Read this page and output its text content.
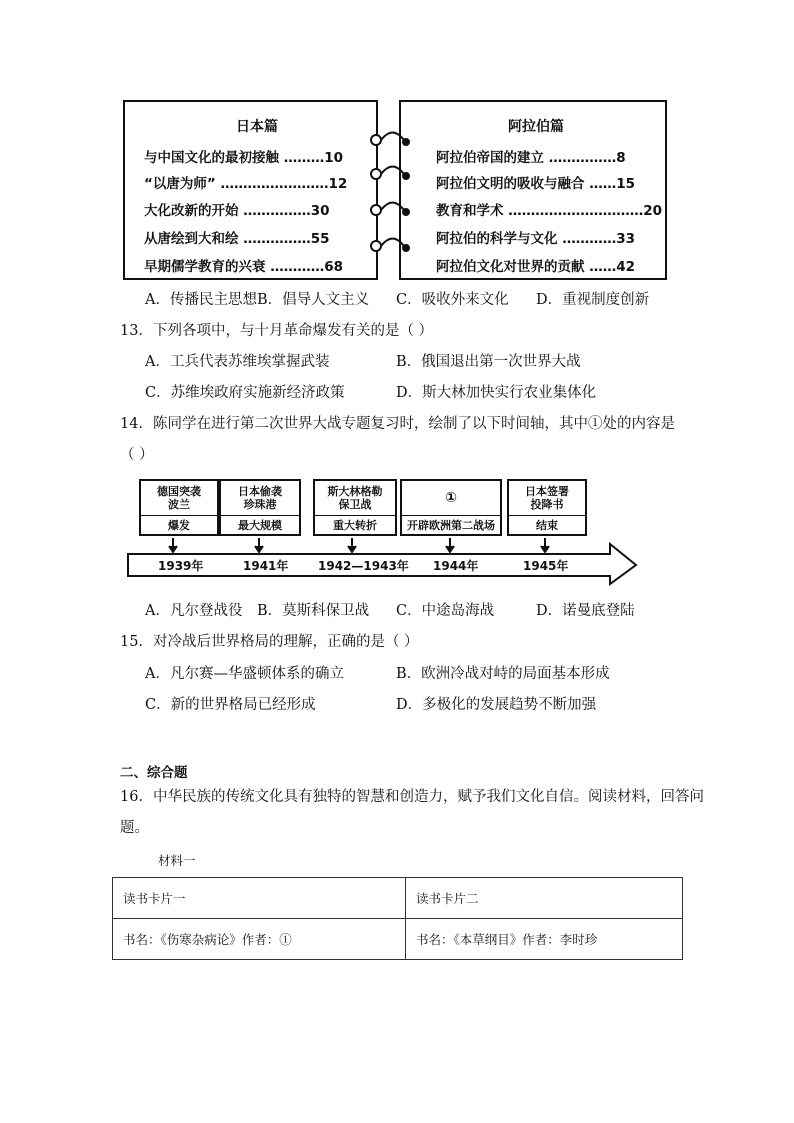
日本篇	阿拉伯篇
与中国文化的最初接触 ………10
“以唐为师” ……………………12
大化改新的开始 ……………30
从唐绘到大和绘 ……………55
早期儒学教育的兴衰 …………68
阿拉伯帝国的建立 ……………8
阿拉伯文明的吸收与融合 ……15
教育和学术 …………………………20
阿拉伯的科学与文化 …………33
阿拉伯文化对世界的贡献 ……42
A．传播民主思想 B．倡导人文主义 C．吸收外来文化 D．重视制度创新
13．下列各项中，与十月革命爆发有关的是（ ）
A．工兵代表苏维埃掌握武装	B．俄国退出第一次世界大战
C．苏维埃政府实施新经济政策	D．斯大林加快实行农业集体化
14．陈同学在进行第二次世界大战专题复习时，绘制了以下时间轴，其中①处的内容是
（ ）
德国突袭
波兰
爆发
日本偷袭
珍珠港
最大规模
斯大林格勒
保卫战
重大转折
①
开辟欧洲第二战场
日本签署
投降书
结束
1939年	1941年 1942—1943年 1944年	1945年
A．凡尔登战役 B．莫斯科保卫战 C．中途岛海战	D．诺曼底登陆
15．对冷战后世界格局的理解，正确的是（ ）
A．凡尔赛—华盛顿体系的确立	B．欧洲冷战对峙的局面基本形成
C．新的世界格局已经形成	D．多极化的发展趋势不断加强
二、综合题
16．中华民族的传统文化具有独特的智慧和创造力，赋予我们文化自信。阅读材料，回答问
题。
材料一
读书卡片一	读书卡片二
书名：《伤寒杂病论》作者：①	书名：《本草纲目》作者：李时珍
